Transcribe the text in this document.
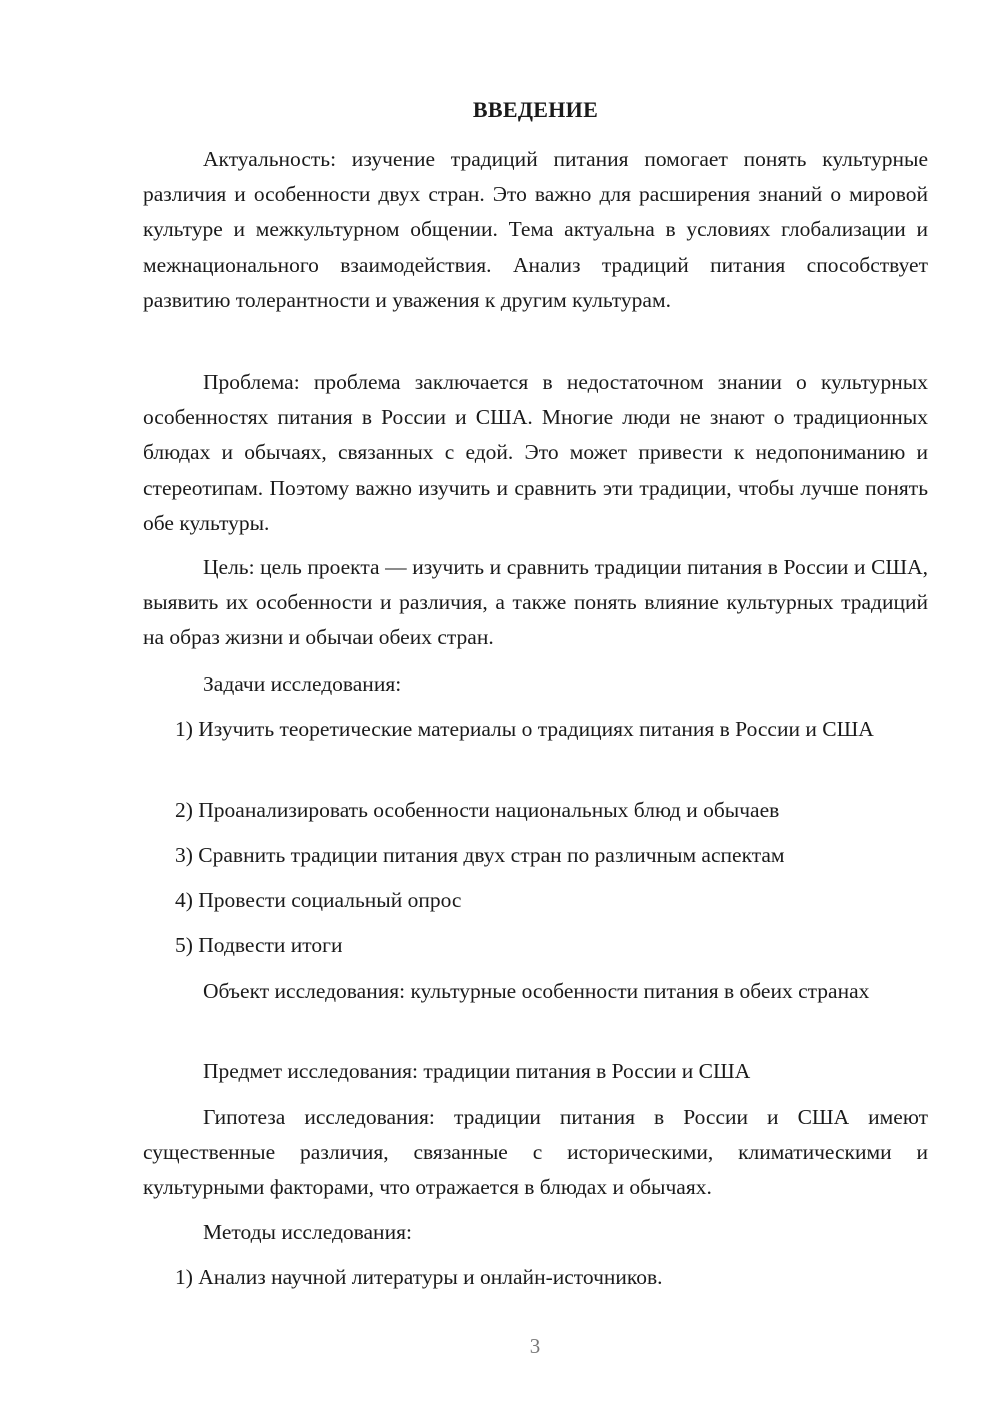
ВВЕДЕНИЕ
Актуальность: изучение традиций питания помогает понять культурные различия и особенности двух стран. Это важно для расширения знаний о мировой культуре и межкультурном общении. Тема актуальна в условиях глобализации и межнационального взаимодействия. Анализ традиций питания способствует развитию толерантности и уважения к другим культурам.
Проблема: проблема заключается в недостаточном знании о культурных особенностях питания в России и США. Многие люди не знают о традиционных блюдах и обычаях, связанных с едой. Это может привести к недопониманию и стереотипам. Поэтому важно изучить и сравнить эти традиции, чтобы лучше понять обе культуры.
Цель: цель проекта — изучить и сравнить традиции питания в России и США, выявить их особенности и различия, а также понять влияние культурных традиций на образ жизни и обычаи обеих стран.
Задачи исследования:
1) Изучить теоретические материалы о традициях питания в России и США
2) Проанализировать особенности национальных блюд и обычаев
3) Сравнить традиции питания двух стран по различным аспектам
4) Провести социальный опрос
5) Подвести итоги
Объект исследования: культурные особенности питания в обеих странах
Предмет исследования: традиции питания в России и США
Гипотеза исследования: традиции питания в России и США имеют существенные различия, связанные с историческими, климатическими и культурными факторами, что отражается в блюдах и обычаях.
Методы исследования:
1) Анализ научной литературы и онлайн-источников.
3
